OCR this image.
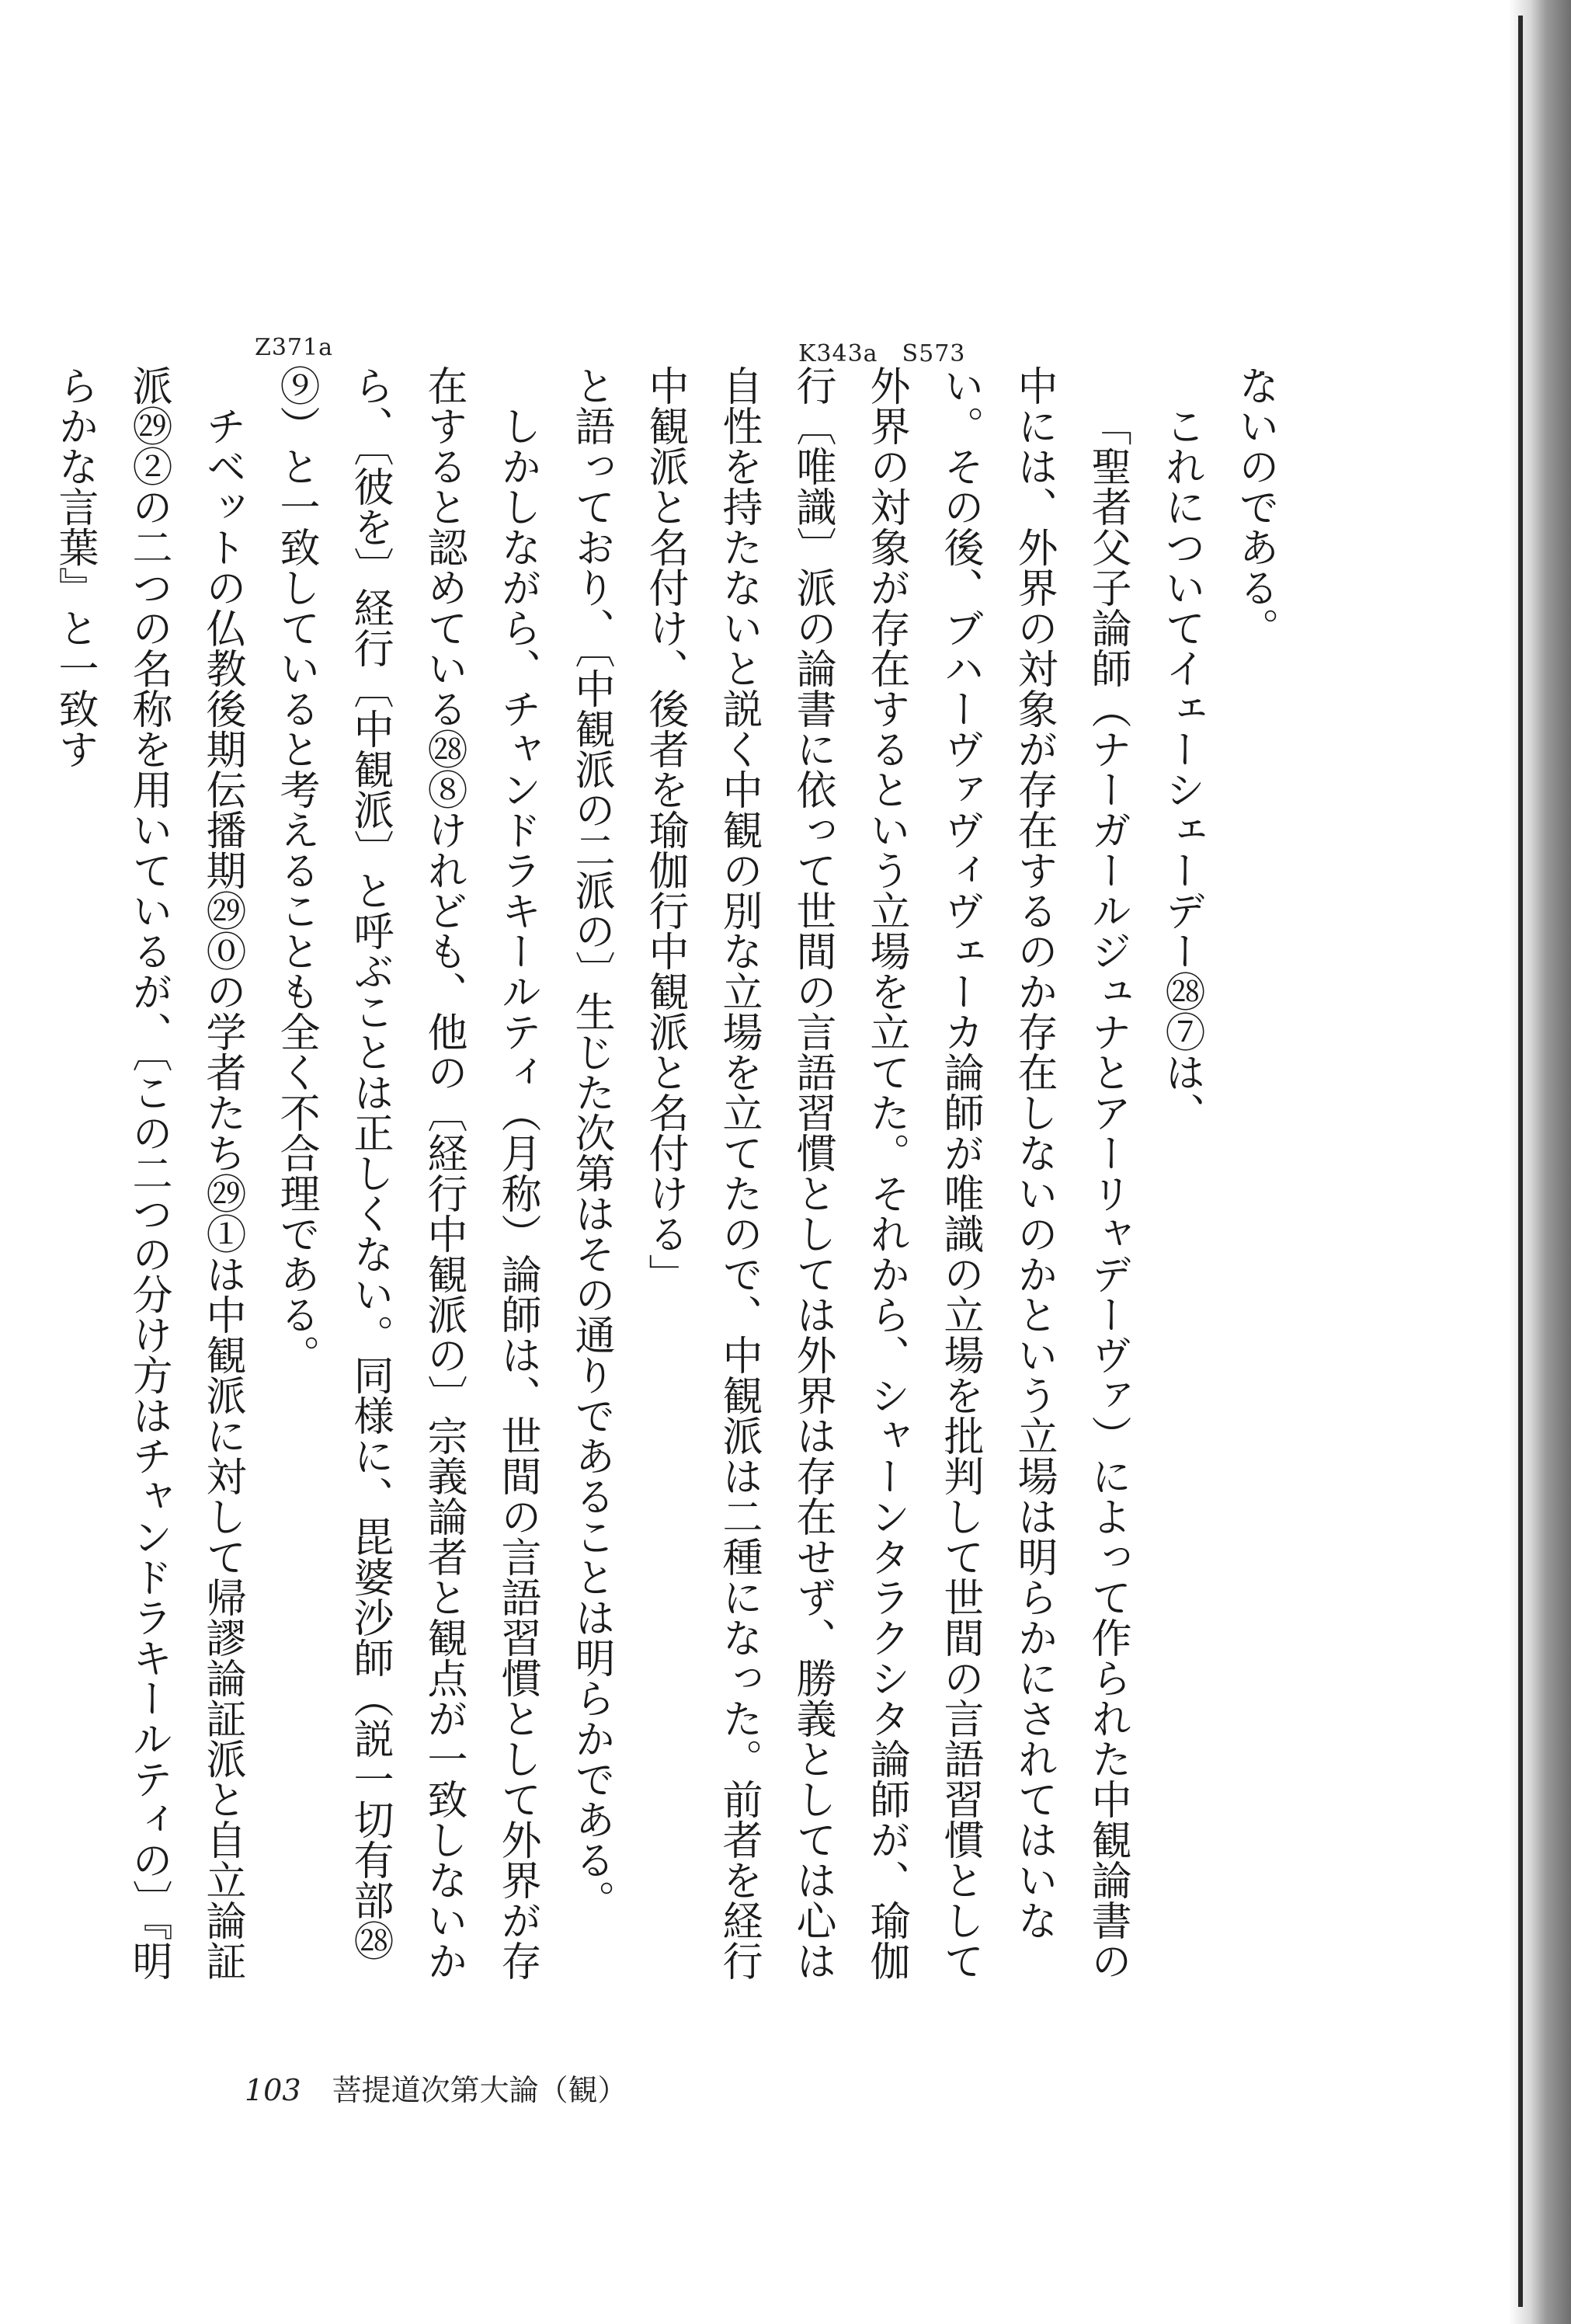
Z371a	K343a　S573

ないのである。

これについてイェーシェーデー㉘⑦は、

「聖者父子論師（ナーガールジュナとアーリャデーヴァ）によって作られた中観論書の中には、外界の対象が存在するのか存在しないのかという立場は明らかにされてはいない。その後、ブハーヴァヴィヴェーカ論師が唯識の立場を批判して世間の言語習慣として外界の対象が存在するという立場を立てた。それから、シャーンタラクシタ論師が、瑜伽行〔唯識〕派の論書に依って世間の言語習慣としては外界は存在せず、勝義としては心は自性を持たないと説く中観の別な立場を立てたので、中観派は二種になった。前者を経行中観派と名付け、後者を瑜伽行中観派と名付ける」

と語っており、〔中観派の二派の〕生じた次第はその通りであることは明らかである。

しかしながら、チャンドラキールティ（月称）論師は、世間の言語習慣として外界が存在すると認めている㉘⑧けれども、他の〔経行中観派の〕宗義論者と観点が一致しないから、〔彼を〕経行〔中観派〕と呼ぶことは正しくない。同様に、毘婆沙師（説一切有部㉘⑨）と一致していると考えることも全く不合理である。

チベットの仏教後期伝播期㉙⓪の学者たち㉙①は中観派に対して帰謬論証派と自立論証派㉙②の二つの名称を用いているが、〔この二つの分け方はチャンドラキールティの〕『明らかな言葉』と一致す

103 菩提道次第大論（観）
